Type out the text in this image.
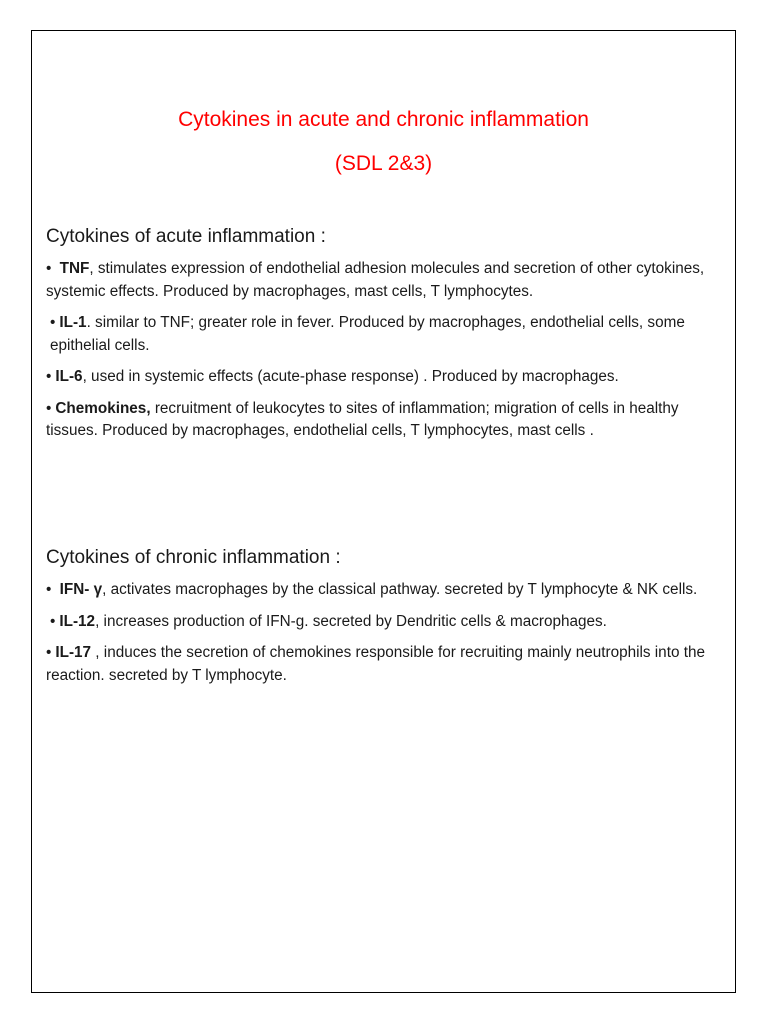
Cytokines in acute and chronic inflammation
(SDL 2&3)
Cytokines of acute inflammation :

• TNF, stimulates expression of endothelial adhesion molecules and secretion of other cytokines, systemic effects. Produced by macrophages, mast cells, T lymphocytes.

• IL-1. similar to TNF; greater role in fever. Produced by macrophages, endothelial cells, some epithelial cells.

• IL-6, used in systemic effects (acute-phase response) . Produced by macrophages.

• Chemokines, recruitment of leukocytes to sites of inflammation; migration of cells in healthy tissues. Produced by macrophages, endothelial cells, T lymphocytes, mast cells .

Cytokines of chronic inflammation :

• IFN- γ, activates macrophages by the classical pathway. secreted by T lymphocyte & NK cells.

• IL-12, increases production of IFN-g. secreted by Dendritic cells & macrophages.

• IL-17 , induces the secretion of chemokines responsible for recruiting mainly neutrophils into the reaction. secreted by T lymphocyte.
